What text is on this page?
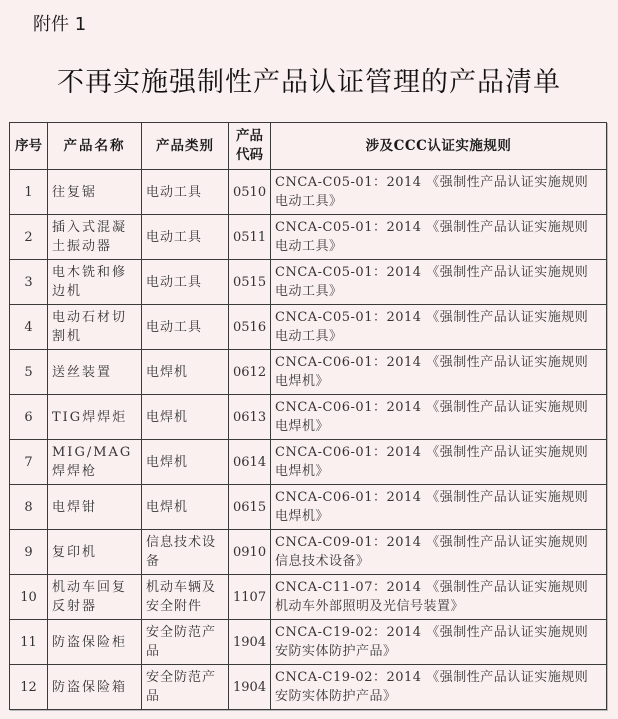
附件 1
不再实施强制性产品认证管理的产品清单
序号	产品名称	产品类别	产品代码	涉及CCC认证实施规则
1	往复锯	电动工具	0510	CNCA-C05-01：2014 《强制性产品认证实施规则 电动工具》
2	插入式混凝土振动器	电动工具	0511	CNCA-C05-01：2014 《强制性产品认证实施规则 电动工具》
3	电木铣和修边机	电动工具	0515	CNCA-C05-01：2014 《强制性产品认证实施规则 电动工具》
4	电动石材切割机	电动工具	0516	CNCA-C05-01：2014 《强制性产品认证实施规则 电动工具》
5	送丝装置	电焊机	0612	CNCA-C06-01：2014 《强制性产品认证实施规则 电焊机》
6	TIG焊焊炬	电焊机	0613	CNCA-C06-01：2014 《强制性产品认证实施规则 电焊机》
7	MIG/MAG 焊焊枪	电焊机	0614	CNCA-C06-01：2014 《强制性产品认证实施规则 电焊机》
8	电焊钳	电焊机	0615	CNCA-C06-01：2014 《强制性产品认证实施规则 电焊机》
9	复印机	信息技术设备	0910	CNCA-C09-01：2014 《强制性产品认证实施规则 信息技术设备》
10	机动车回复反射器	机动车辆及安全附件	1107	CNCA-C11-07：2014 《强制性产品认证实施规则 机动车外部照明及光信号装置》
11	防盗保险柜	安全防范产品	1904	CNCA-C19-02：2014 《强制性产品认证实施规则 安防实体防护产品》
12	防盗保险箱	安全防范产品	1904	CNCA-C19-02：2014 《强制性产品认证实施规则 安防实体防护产品》
